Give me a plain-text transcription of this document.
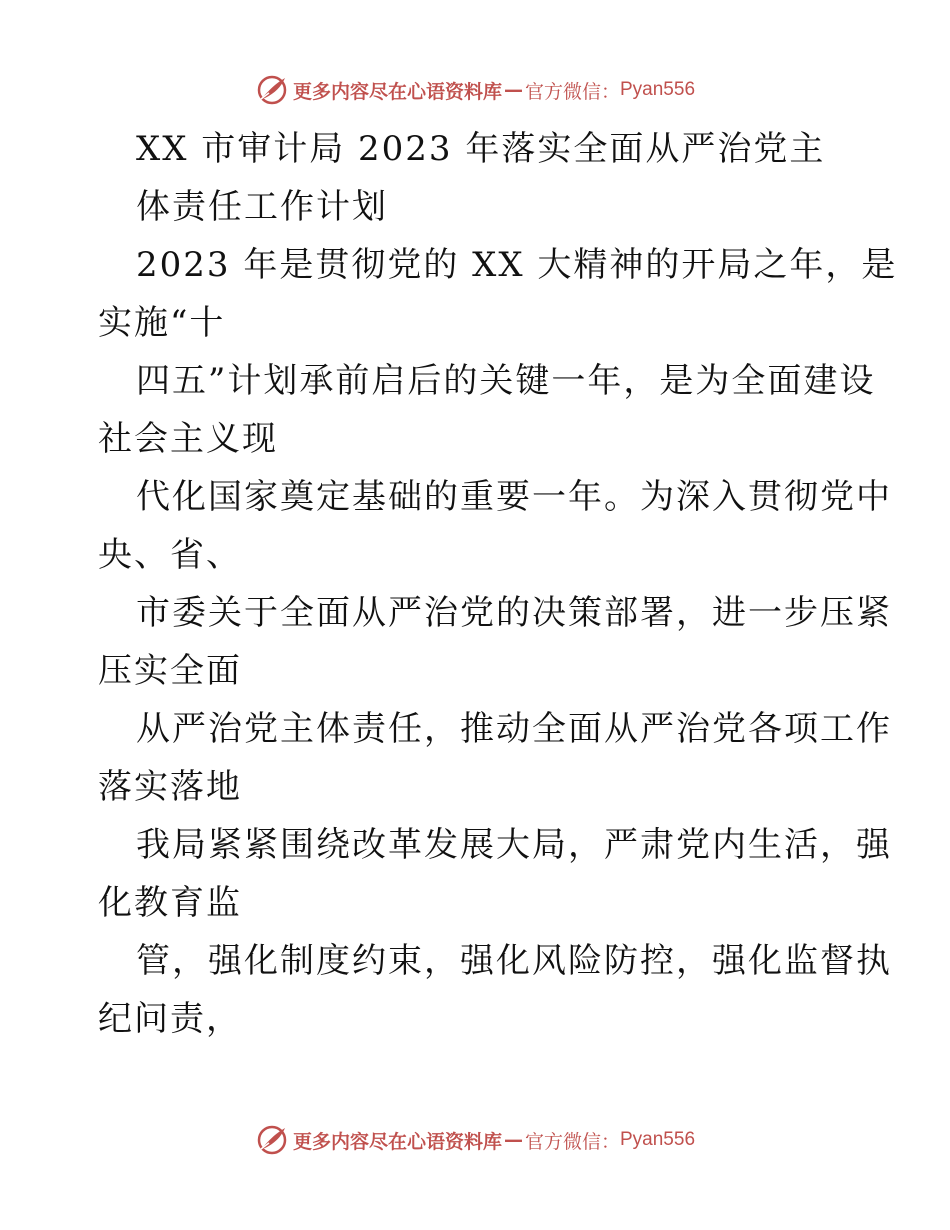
更多内容尽在心语资料库 — 官方微信： Pyan556
XX 市审计局 2023 年落实全面从严治党主
体责任工作计划
2023 年是贯彻党的 XX 大精神的开局之年，是
实施“十
四五”计划承前启后的关键一年，是为全面建设
社会主义现
代化国家奠定基础的重要一年。为深入贯彻党中
央、省、
市委关于全面从严治党的决策部署，进一步压紧
压实全面
从严治党主体责任，推动全面从严治党各项工作
落实落地
我局紧紧围绕改革发展大局，严肃党内生活，强
化教育监
管，强化制度约束，强化风险防控，强化监督执
纪问责，
更多内容尽在心语资料库 — 官方微信： Pyan556
